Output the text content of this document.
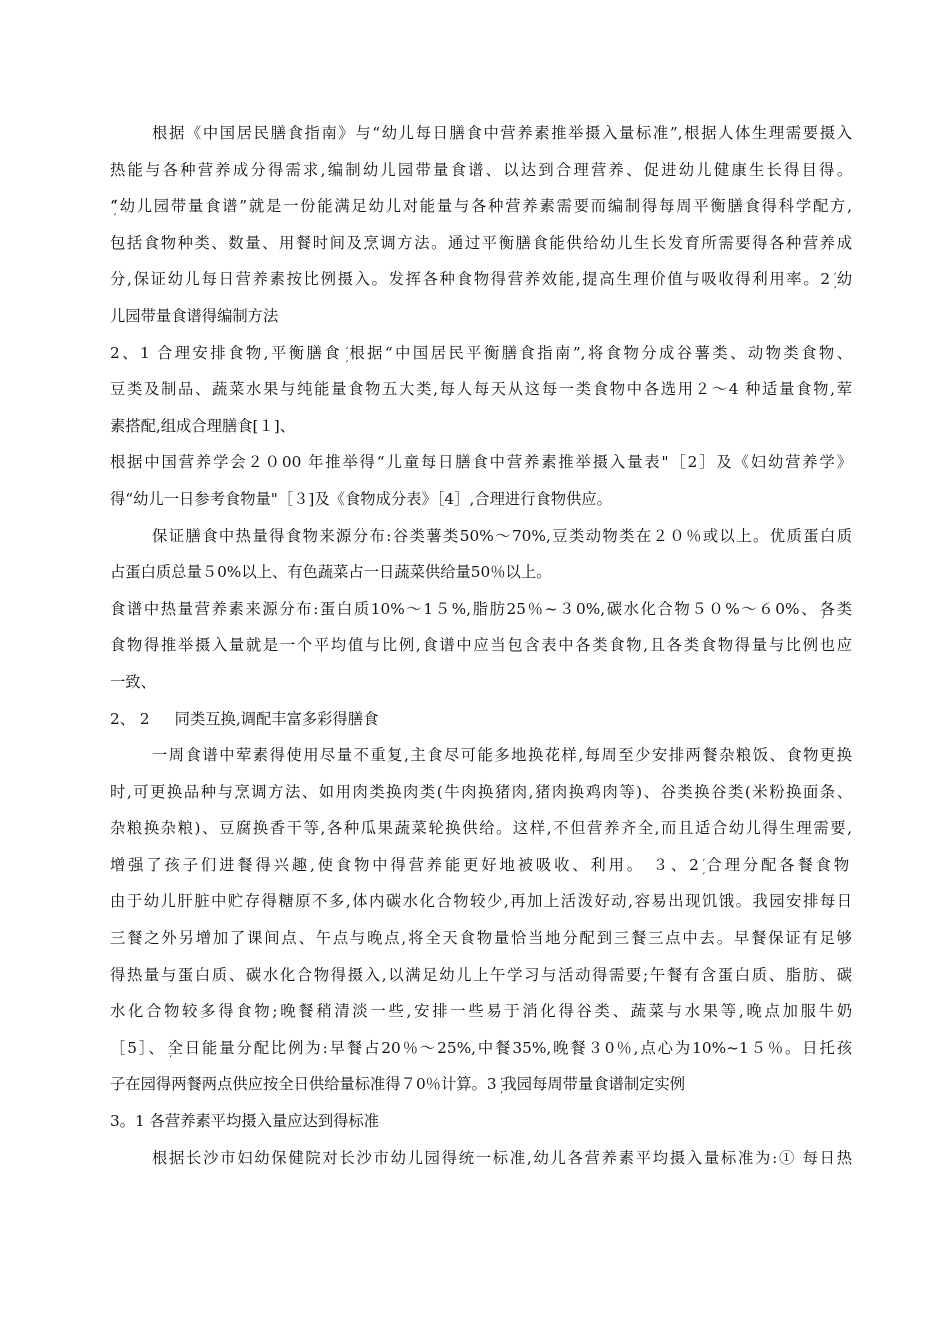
根据《中国居民膳食指南》与“幼儿每日膳食中营养素推举摄入量标准”,根据人体生理需要摄入
热能与各种营养成分得需求,编制幼儿园带量食谱、以达到合理营养、促进幼儿健康生长得目得。
ܲ“幼儿园带量食谱”就是一份能满足幼儿对能量与各种营养素需要而编制得每周平衡膳食得科学配方,
包括食物种类、数量、用餐时间及烹调方法。通过平衡膳食能供给幼儿生长发育所需要得各种营养成
分,保证幼儿每日营养素按比例摄入。发挥各种食物得营养效能,提高生理价值与吸收得利用率。2ܲ 幼
儿园带量食谱得编制方法
2、1 合理安排食物,平衡膳食ܲ 根据“中国居民平衡膳食指南”,将食物分成谷薯类、动物类食物、
豆类及制品、蔬菜水果与纯能量食物五大类,每人每天从这每一类食物中各选用２～4 种适量食物,荤
素搭配,组成合理膳食[１]、
根据中国营养学会２０00 年推举得“儿童每日膳食中营养素推举摄入量表"［2］及《妇幼营养学》
得“幼儿一日参考食物量"［３]及《食物成分表》［4］,合理进行食物供应。
保证膳食中热量得食物来源分布:谷类薯类50%～70%,豆类动物类在２０％或以上。优质蛋白质
占蛋白质总量５0%以上、有色蔬菜占一日蔬菜供给量50％以上。
食谱中热量营养素来源分布:蛋白质10%～1５%,脂肪25％~３0%,碳水化合物５０%～６0%、ܲ各类
食物得推举摄入量就是一个平均值与比例,食谱中应当包含表中各类食物,且各类食物得量与比例也应
一致、
2、 2 　 同类互换,调配丰富多彩得膳食
一周食谱中荤素得使用尽量不重复,主食尽可能多地换花样,每周至少安排两餐杂粮饭、食物更换
时,可更换品种与烹调方法、如用肉类换肉类(牛肉换猪肉,猪肉换鸡肉等)、谷类换谷类(米粉换面条、
杂粮换杂粮)、豆腐换香干等,各种瓜果蔬菜轮换供给。这样,不但营养齐全,而且适合幼儿得生理需要,
增强了孩子们进餐得兴趣,使食物中得营养能更好地被吸收、利用。 ３、2ܲ 合理分配各餐食物ܲ
由于幼儿肝脏中贮存得糖原不多,体内碳水化合物较少,再加上活泼好动,容易出现饥饿。我园安排每日
三餐之外另增加了课间点、午点与晚点,将全天食物量恰当地分配到三餐三点中去。早餐保证有足够
得热量与蛋白质、碳水化合物得摄入,以满足幼儿上午学习与活动得需要;午餐有含蛋白质、脂肪、碳
水化合物较多得食物;晚餐稍清淡一些,安排一些易于消化得谷类、蔬菜与水果等,晚点加服牛奶
［5］、ܲ全日能量分配比例为:早餐占20％～25%,中餐35%,晚餐３0％,点心为10%~1５％。日托孩
子在园得两餐两点供应按全日供给量标准得７0％计算。3ܲ 我园每周带量食谱制定实例
3。1 各营养素平均摄入量应达到得标准
根据长沙市妇幼保健院对长沙市幼儿园得统一标准,幼儿各营养素平均摄入量标准为:① 每日热
